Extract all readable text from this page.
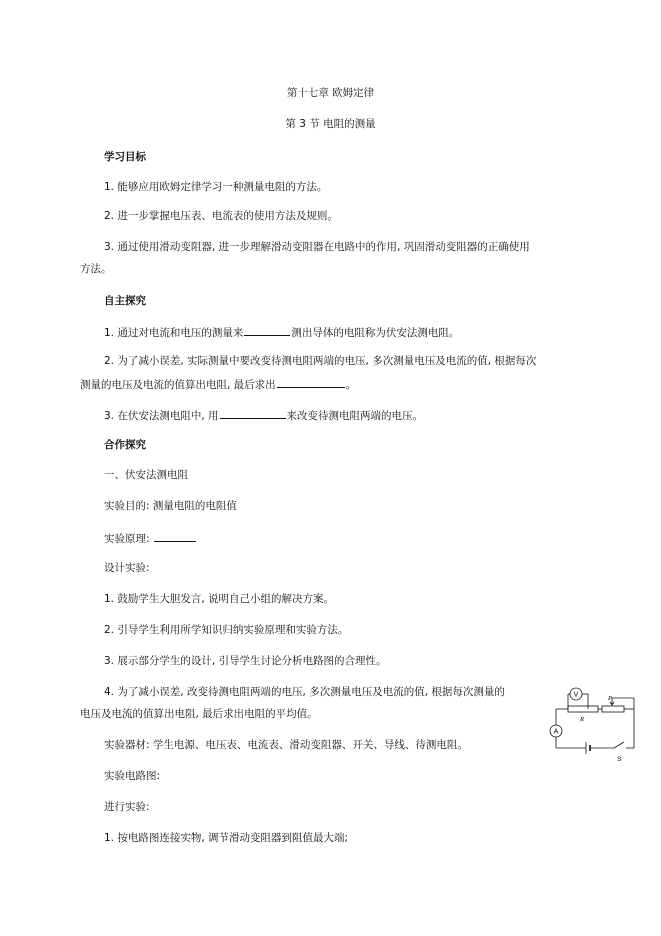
第十七章 欧姆定律
第 3 节 电阻的测量
学习目标
1. 能够应用欧姆定律学习一种测量电阻的方法。
2. 进一步掌握电压表、电流表的使用方法及规则。
3. 通过使用滑动变阻器, 进一步理解滑动变阻器在电路中的作用, 巩固滑动变阻器的正确使用
方法。
自主探究
1. 通过对电流和电压的测量来	测出导体的电阻称为伏安法测电阻。
2. 为了减小误差, 实际测量中要改变待测电阻两端的电压, 多次测量电压及电流的值, 根据每次
测量的电压及电流的值算出电阻, 最后求出	。
3. 在伏安法测电阻中, 用	来改变待测电阻两端的电压。
合作探究
一、伏安法测电阻
实验目的: 测量电阻的电阻值
实验原理:
设计实验:
1. 鼓励学生大胆发言, 说明自己小组的解决方案。
2. 引导学生利用所学知识归纳实验原理和实验方法。
3. 展示部分学生的设计, 引导学生讨论分析电路图的合理性。
4. 为了减小误差, 改变待测电阻两端的电压, 多次测量电压及电流的值, 根据每次测量的
电压及电流的值算出电阻, 最后求出电阻的平均值。
实验器材: 学生电源、电压表、电流表、滑动变阻器、开关、导线、待测电阻。
实验电路图:
进行实验:
1. 按电路图连接实物, 调节滑动变阻器到阻值最大端;
V
A
R
P
S
